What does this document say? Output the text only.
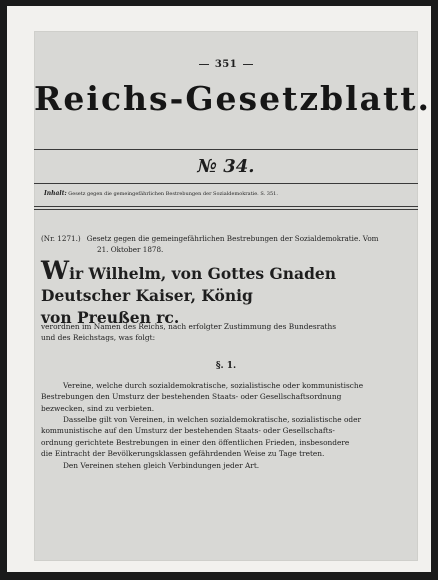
351
Reichs-Gesetzblatt.
№ 34.
Inhalt: Gesetz gegen die gemeingefährlichen Bestrebungen der Sozialdemokratie. S. 351.
(Nr. 1271.) Gesetz gegen die gemeingefährlichen Bestrebungen der Sozialdemokratie. Vom
21. Oktober 1878.
Wir Wilhelm, von Gottes Gnaden Deutscher Kaiser, König
von Preußen rc.
verordnen im Namen des Reichs, nach erfolgter Zustimmung des Bundesraths
und des Reichstags, was folgt:
§. 1.
Vereine, welche durch sozialdemokratische, sozialistische oder kommunistische
Bestrebungen den Umsturz der bestehenden Staats- oder Gesellschaftsordnung
bezwecken, sind zu verbieten.
Dasselbe gilt von Vereinen, in welchen sozialdemokratische, sozialistische oder
kommunistische auf den Umsturz der bestehenden Staats- oder Gesellschafts-
ordnung gerichtete Bestrebungen in einer den öffentlichen Frieden, insbesondere
die Eintracht der Bevölkerungsklassen gefährdenden Weise zu Tage treten.
Den Vereinen stehen gleich Verbindungen jeder Art.
